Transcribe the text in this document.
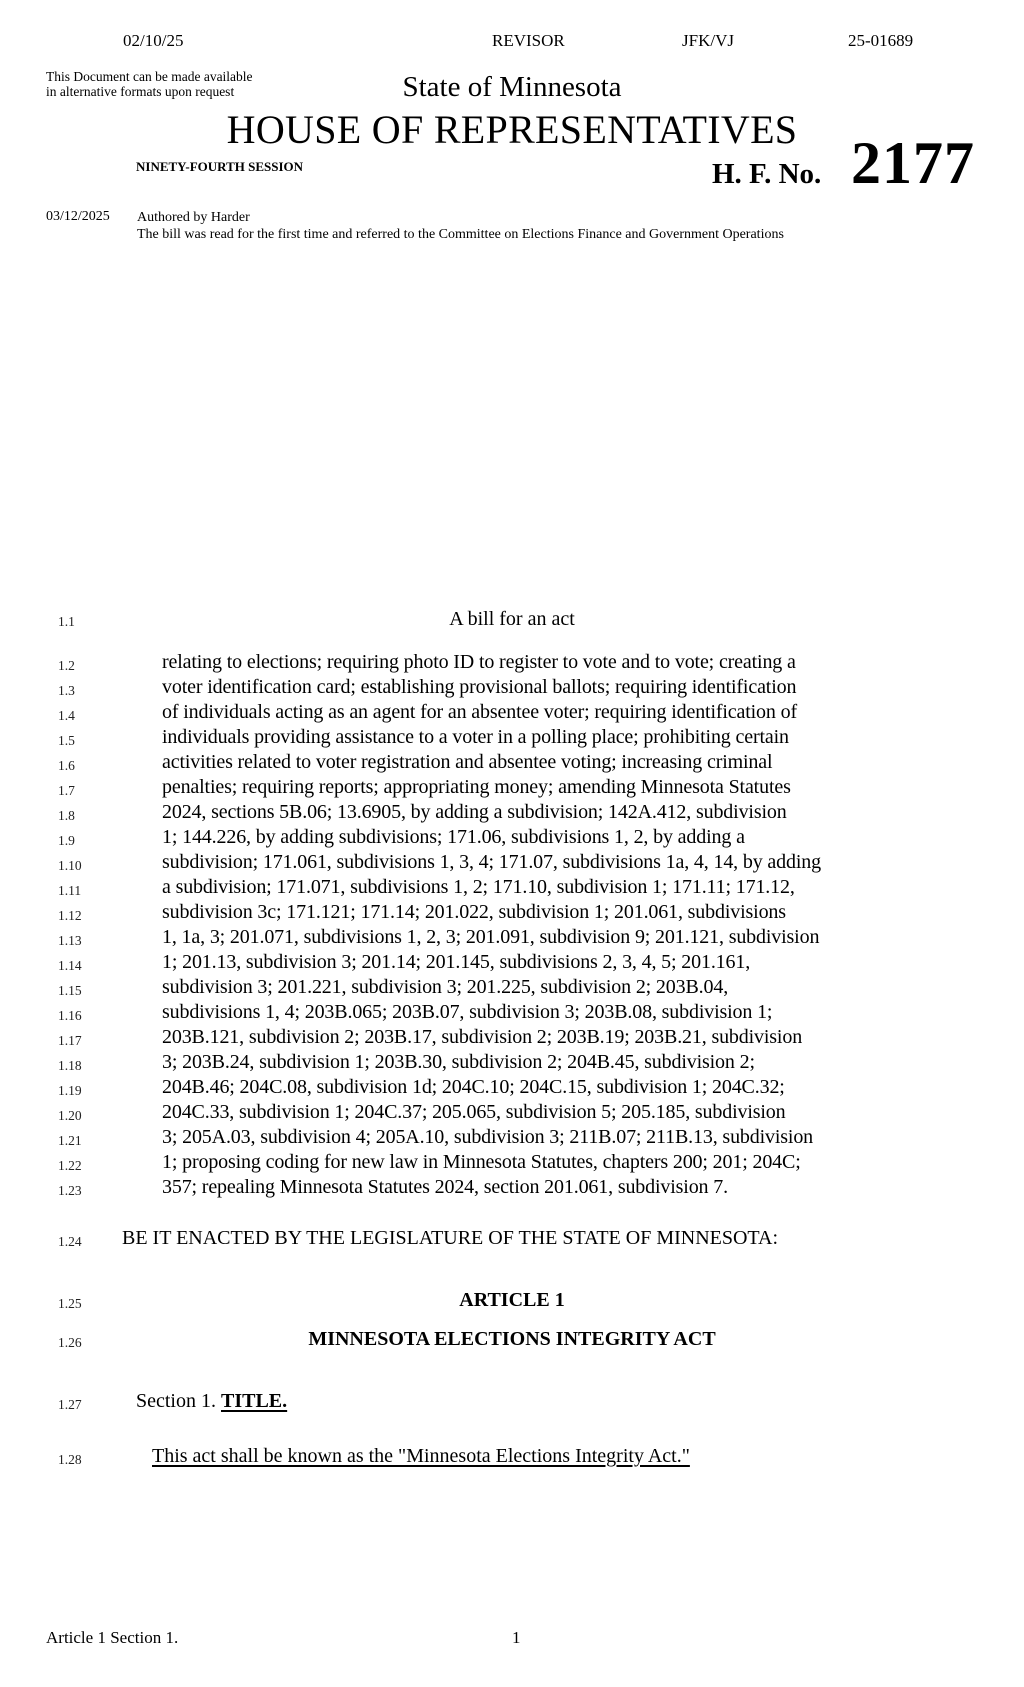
02/10/25	REVISOR	JFK/VJ	25-01689
This Document can be made available
in alternative formats upon request	State of Minnesota
HOUSE OF REPRESENTATIVES
NINETY-FOURTH SESSION	H. F. No. 2177
03/12/2025 Authored by Harder
The bill was read for the first time and referred to the Committee on Elections Finance and Government Operations
1.1	A bill for an act
1.2	relating to elections; requiring photo ID to register to vote and to vote; creating a
1.3	voter identification card; establishing provisional ballots; requiring identification
1.4	of individuals acting as an agent for an absentee voter; requiring identification of
1.5	individuals providing assistance to a voter in a polling place; prohibiting certain
1.6	activities related to voter registration and absentee voting; increasing criminal
1.7	penalties; requiring reports; appropriating money; amending Minnesota Statutes
1.8	2024, sections 5B.06; 13.6905, by adding a subdivision; 142A.412, subdivision
1.9	1; 144.226, by adding subdivisions; 171.06, subdivisions 1, 2, by adding a
1.10	subdivision; 171.061, subdivisions 1, 3, 4; 171.07, subdivisions 1a, 4, 14, by adding
1.11	a subdivision; 171.071, subdivisions 1, 2; 171.10, subdivision 1; 171.11; 171.12,
1.12	subdivision 3c; 171.121; 171.14; 201.022, subdivision 1; 201.061, subdivisions
1.13	1, 1a, 3; 201.071, subdivisions 1, 2, 3; 201.091, subdivision 9; 201.121, subdivision
1.14	1; 201.13, subdivision 3; 201.14; 201.145, subdivisions 2, 3, 4, 5; 201.161,
1.15	subdivision 3; 201.221, subdivision 3; 201.225, subdivision 2; 203B.04,
1.16	subdivisions 1, 4; 203B.065; 203B.07, subdivision 3; 203B.08, subdivision 1;
1.17	203B.121, subdivision 2; 203B.17, subdivision 2; 203B.19; 203B.21, subdivision
1.18	3; 203B.24, subdivision 1; 203B.30, subdivision 2; 204B.45, subdivision 2;
1.19	204B.46; 204C.08, subdivision 1d; 204C.10; 204C.15, subdivision 1; 204C.32;
1.20	204C.33, subdivision 1; 204C.37; 205.065, subdivision 5; 205.185, subdivision
1.21	3; 205A.03, subdivision 4; 205A.10, subdivision 3; 211B.07; 211B.13, subdivision
1.22	1; proposing coding for new law in Minnesota Statutes, chapters 200; 201; 204C;
1.23	357; repealing Minnesota Statutes 2024, section 201.061, subdivision 7.
1.24 BE IT ENACTED BY THE LEGISLATURE OF THE STATE OF MINNESOTA:
1.25	ARTICLE 1
1.26	MINNESOTA ELECTIONS INTEGRITY ACT
1.27	Section 1. TITLE.
1.28	This act shall be known as the "Minnesota Elections Integrity Act."
Article 1 Section 1.	1
